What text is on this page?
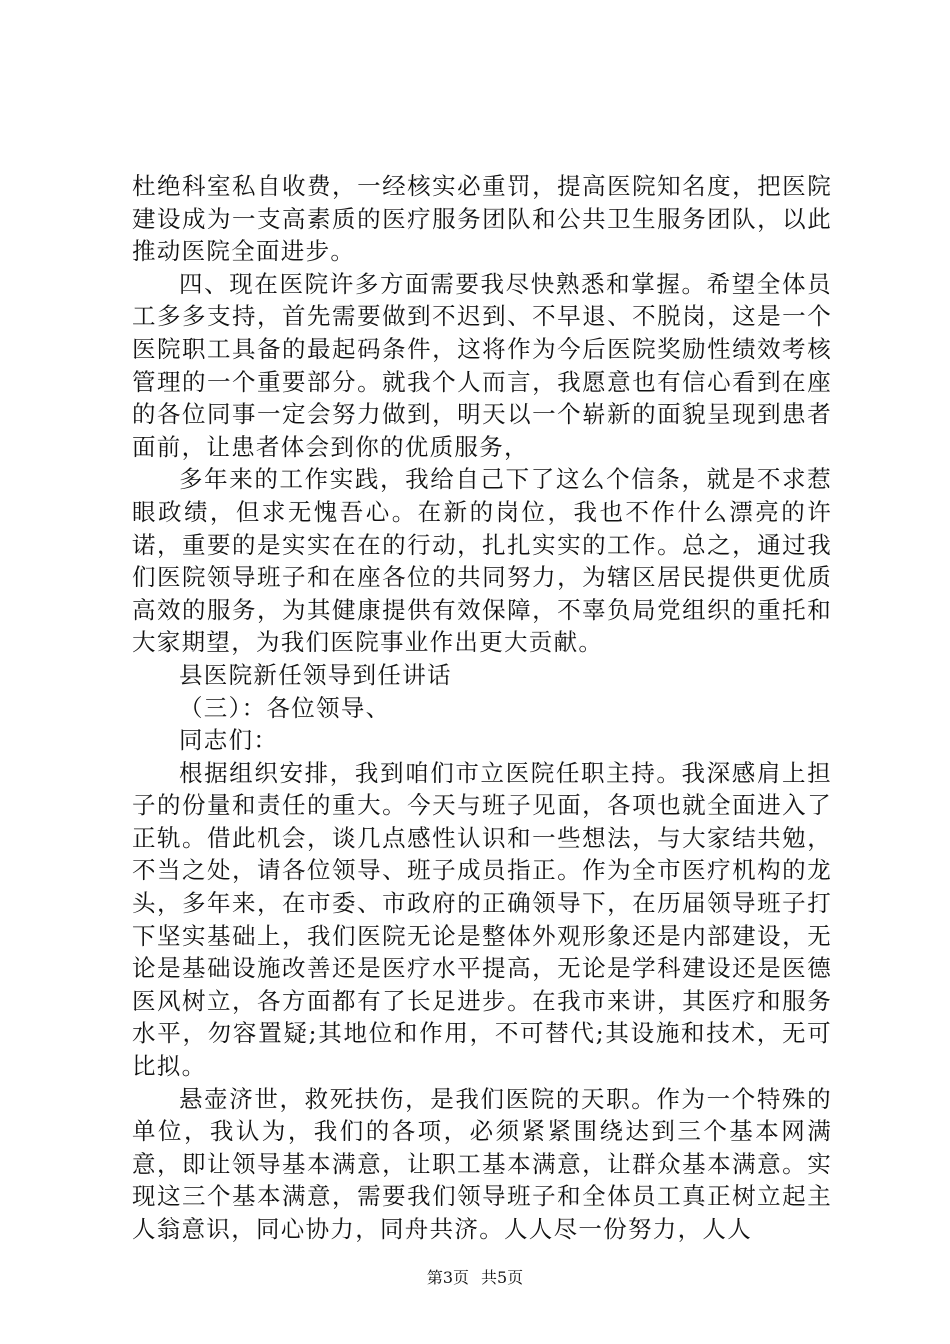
杜绝科室私自收费，一经核实必重罚，提高医院知名度，把医院建设成为一支高素质的医疗服务团队和公共卫生服务团队，以此推动医院全面进步。

四、现在医院许多方面需要我尽快熟悉和掌握。希望全体员工多多支持，首先需要做到不迟到、不早退、不脱岗，这是一个医院职工具备的最起码条件，这将作为今后医院奖励性绩效考核管理的一个重要部分。就我个人而言，我愿意也有信心看到在座的各位同事一定会努力做到，明天以一个崭新的面貌呈现到患者面前，让患者体会到你的优质服务，

多年来的工作实践，我给自己下了这么个信条，就是不求惹眼政绩，但求无愧吾心。在新的岗位，我也不作什么漂亮的许诺，重要的是实实在在的行动，扎扎实实的工作。总之，通过我们医院领导班子和在座各位的共同努力，为辖区居民提供更优质高效的服务，为其健康提供有效保障，不辜负局党组织的重托和大家期望，为我们医院事业作出更大贡献。

县医院新任领导到任讲话

（三）：各位领导、

同志们：

根据组织安排，我到咱们市立医院任职主持。我深感肩上担子的份量和责任的重大。今天与班子见面，各项也就全面进入了正轨。借此机会，谈几点感性认识和一些想法，与大家结共勉，不当之处，请各位领导、班子成员指正。作为全市医疗机构的龙头，多年来，在市委、市政府的正确领导下，在历届领导班子打下坚实基础上，我们医院无论是整体外观形象还是内部建设，无论是基础设施改善还是医疗水平提高，无论是学科建设还是医德医风树立，各方面都有了长足进步。在我市来讲，其医疗和服务水平，勿容置疑;其地位和作用，不可替代;其设施和技术，无可比拟。

悬壶济世，救死扶伤，是我们医院的天职。作为一个特殊的单位，我认为，我们的各项，必须紧紧围绕达到三个基本网满意，即让领导基本满意，让职工基本满意，让群众基本满意。实现这三个基本满意，需要我们领导班子和全体员工真正树立起主人翁意识，同心协力，同舟共济。人人尽一份努力，人人

第3页 共5页
